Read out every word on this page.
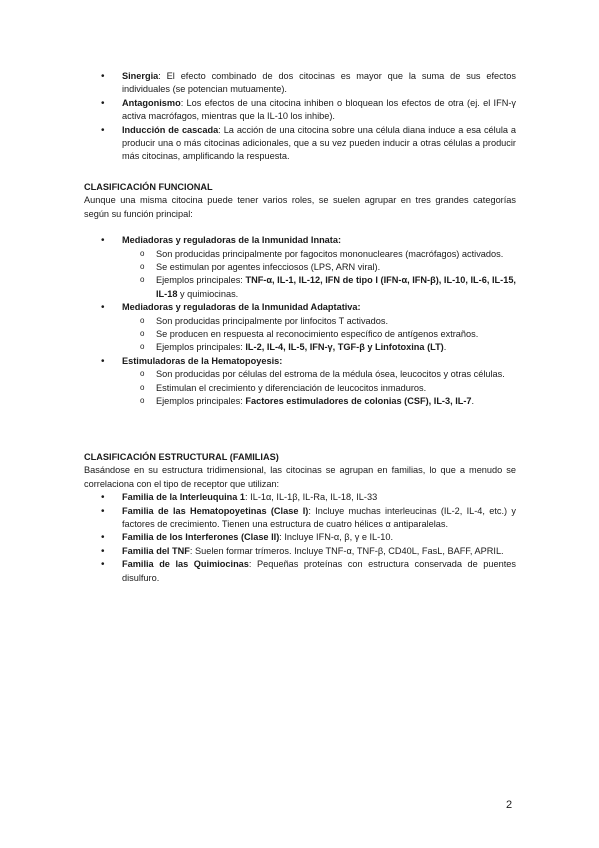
• Sinergia: El efecto combinado de dos citocinas es mayor que la suma de sus efectos individuales (se potencian mutuamente).
• Antagonismo: Los efectos de una citocina inhiben o bloquean los efectos de otra (ej. el IFN-γ activa macrófagos, mientras que la IL-10 los inhibe).
• Inducción de cascada: La acción de una citocina sobre una célula diana induce a esa célula a producir una o más citocinas adicionales, que a su vez pueden inducir a otras células a producir más citocinas, amplificando la respuesta.

CLASIFICACIÓN FUNCIONAL

Aunque una misma citocina puede tener varios roles, se suelen agrupar en tres grandes categorías según su función principal:

• Mediadoras y reguladoras de la Inmunidad Innata:
o Son producidas principalmente por fagocitos mononucleares (macrófagos) activados.
o Se estimulan por agentes infecciosos (LPS, ARN viral).
o Ejemplos principales: TNF-α, IL-1, IL-12, IFN de tipo I (IFN-α, IFN-β), IL-10, IL-6, IL-15, IL-18 y quimiocinas.
• Mediadoras y reguladoras de la Inmunidad Adaptativa:
o Son producidas principalmente por linfocitos T activados.
o Se producen en respuesta al reconocimiento específico de antígenos extraños.
o Ejemplos principales: IL-2, IL-4, IL-5, IFN-γ, TGF-β y Linfotoxina (LT).
• Estimuladoras de la Hematopoyesis:
o Son producidas por células del estroma de la médula ósea, leucocitos y otras células.
o Estimulan el crecimiento y diferenciación de leucocitos inmaduros.
o Ejemplos principales: Factores estimuladores de colonias (CSF), IL-3, IL-7.

CLASIFICACIÓN ESTRUCTURAL (FAMILIAS)

Basándose en su estructura tridimensional, las citocinas se agrupan en familias, lo que a menudo se correlaciona con el tipo de receptor que utilizan:

• Familia de la Interleuquina 1: IL-1α, IL-1β, IL-Ra, IL-18, IL-33
• Familia de las Hematopoyetinas (Clase I): Incluye muchas interleucinas (IL-2, IL-4, etc.) y factores de crecimiento. Tienen una estructura de cuatro hélices α antiparalelas.
• Familia de los Interferones (Clase II): Incluye IFN-α, β, γ e IL-10.
• Familia del TNF: Suelen formar trímeros. Incluye TNF-α, TNF-β, CD40L, FasL, BAFF, APRIL.
• Familia de las Quimiocinas: Pequeñas proteínas con estructura conservada de puentes disulfuro.
2
